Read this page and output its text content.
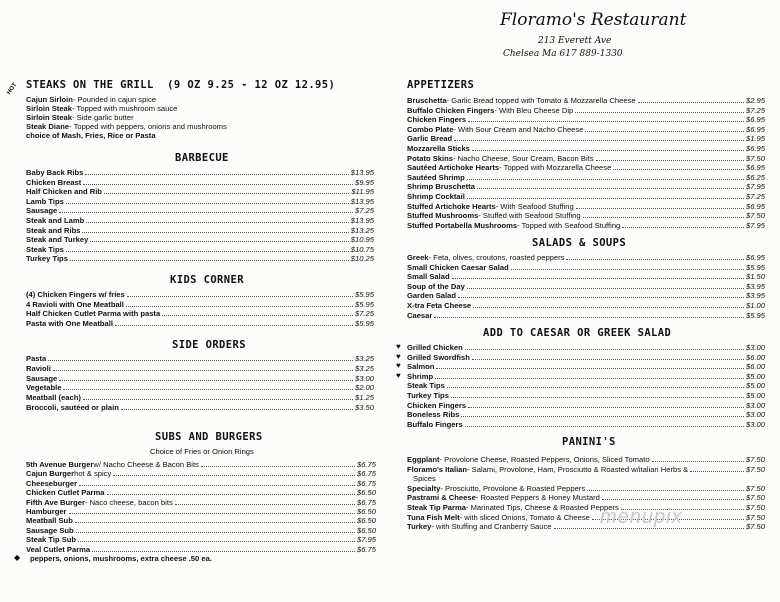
HOT STEAKS ON THE GRILL (9 OZ 9.25 - 12 OZ 12.95)
choice of Mash, Fries, Rice or Pasta
BARBECUE
KIDS CORNER
SIDE ORDERS
SUBS AND BURGERS
Choice of Fries or Onion Rings
◆ peppers, onions, mushrooms, extra cheese .50 ea.
Cajun Sirloin - Pounded in cajun spice
Sirloin Steak - Topped with mushroom sauce
Sirloin Steak - Side garlic butter
Steak Diane - Topped with peppers, onions and mushrooms
Baby Back Ribs	$13.95
Chicken Breast	$9.95
Half Chicken and Rib	$11.95
Lamb Tips	$13.95
Sausage	$7.25
Steak and Lamb	$13.95
Steak and Ribs	$13.25
Steak and Turkey	$10.95
Steak Tips	$10.75
Turkey Tips	$10.25
(4) Chicken Fingers w/ fries	$5.95
4 Ravioli with One Meatball	$5.95
Half Chicken Cutlet Parma with pasta	$7.25
Pasta with One Meatball	$5.95
Pasta	$3.25
Ravioli	$3.25
Sausage	$3.00
Vegetable	$2.00
Meatball (each)	$1.25
Broccoli, sautéed or plain	$3.50
5th Avenue Burger w/ Nacho Cheese & Bacon Bits	$6.75
Cajun Burger hot & spicy	$6.75
Cheeseburger	$6.75
Chicken Cutlet Parma	$6.50
Fifth Ave Burger - Naco cheese, bacon bits	$6.75
Hamburger	$6.50
Meatball Sub	$6.50
Sausage Sub	$6.50
Steak Tip Sub	$7.95
Veal Cutlet Parma	$6.75
Floramo's Restaurant
213 Everett Ave
Chelsea Ma 617 889-1330
APPETIZERS
SALADS & SOUPS
ADD TO CAESAR OR GREEK SALAD
PANINI'S
Bruschetta - Garlic Bread topped with Tomato & Mozzarella Cheese	$2.95
Buffalo Chicken Fingers - With Bleu Cheese Dip	$7.25
Chicken Fingers	$6.95
Combo Plate - With Sour Cream and Nacho Cheese	$6.95
Garlic Bread	$1.95
Mozzarella Sticks	$6.95
Potato Skins - Nacho Cheese, Sour Cream, Bacon Bits	$7.50
Sautéed Artichoke Hearts - Topped with Mozzarella Cheese	$6.95
Sautéed Shrimp	$6.25
Shrimp Bruschetta	$7.95
Shrimp Cocktail	$7.25
Stuffed Artichoke Hearts - With Seafood Stuffing	$6.95
Stuffed Mushrooms - Stuffed with Seafood Stuffing	$7.50
Stuffed Portabella Mushrooms - Topped with Seafood Stuffing	$7.95
Greek - Feta, olives, croutons, roasted peppers	$6.95
Small Chicken Caesar Salad	$5.95
Small Salad	$1.50
Soup of the Day	$3.95
Garden Salad	$3.95
X-tra Feta Cheese	$1.00
Caesar	$5.95
Grilled Chicken	$3.00
♥
Grilled Swordfish	$6.00
♥
Salmon	$6.00
♥
Shrimp	$5.00
♥
Steak Tips	$5.00
Turkey Tips	$5.00
Chicken Fingers	$3.00
Boneless Ribs	$3.00
Buffalo Fingers	$3.00
Eggplant - Provolone Cheese, Roasted Peppers, Onions, Sliced Tomato	$7.50
Floramo's Italian - Salami, Provolone, Ham, Prosciutto & Roasted w/italian Herbs &	$7.50
Spices
Specialty - Prosciutto, Provolone & Roasted Peppers	$7.50
Pastrami & Cheese - Roasted Peppers & Honey Mustard	$7.50
Steak Tip Parma - Marinated Tips, Cheese & Roasted Peppers	$7.50
Tuna Fish Melt - with sliced Onions, Tomato & Cheese	$7.50
Turkey - with Stuffing and Cranberry Sauce	$7.50
menupix
